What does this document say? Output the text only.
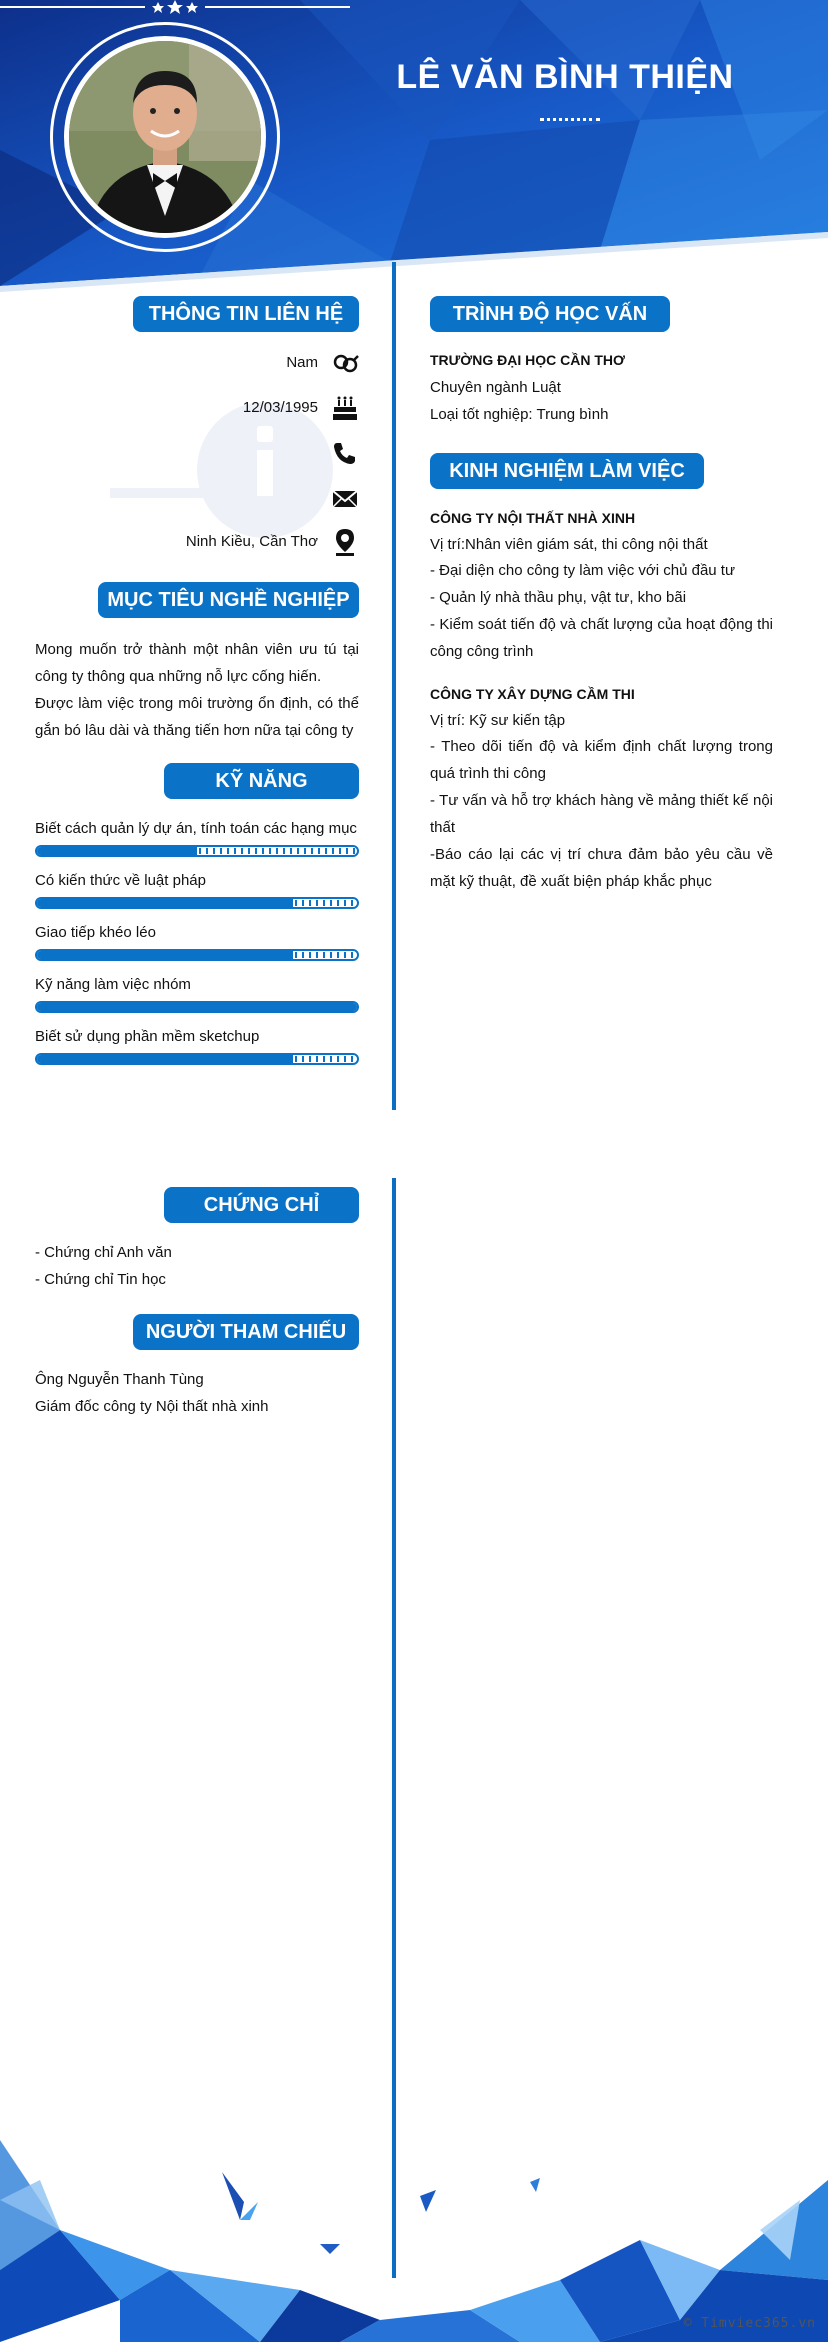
LÊ VĂN BÌNH THIỆN
THÔNG TIN LIÊN HỆ
Nam
12/03/1995
Ninh Kiều, Cần Thơ
MỤC TIÊU NGHỀ NGHIỆP
Mong muốn trở thành một nhân viên ưu tú tại công ty thông qua những nỗ lực cống hiến.
Được làm việc trong môi trường ổn định, có thể gắn bó lâu dài và thăng tiến hơn nữa tại công ty
KỸ NĂNG
Biết cách quản lý dự án, tính toán các hạng mục
Có kiến thức về luật pháp
Giao tiếp khéo léo
Kỹ năng làm việc nhóm
Biết sử dụng phần mềm sketchup
CHỨNG CHỈ
- Chứng chỉ Anh văn
- Chứng chỉ Tin học
NGƯỜI THAM CHIẾU
Ông Nguyễn Thanh Tùng
Giám đốc công ty Nội thất nhà xinh
TRÌNH ĐỘ HỌC VẤN
TRƯỜNG ĐẠI HỌC CẦN THƠ
Chuyên ngành Luật
Loại tốt nghiệp: Trung bình
KINH NGHIỆM LÀM VIỆC
CÔNG TY NỘI THẤT NHÀ XINH
Vị trí:Nhân viên giám sát, thi công nội thất
- Đại diện cho công ty làm việc với chủ đầu tư
- Quản lý nhà thầu phụ, vật tư, kho bãi
- Kiểm soát tiến độ và chất lượng của hoạt động thi công công trình
CÔNG TY XÂY DỰNG CẦM THI
Vị trí: Kỹ sư kiến tập
- Theo dõi tiến độ và kiểm định chất lượng trong quá trình thi công
- Tư vấn và hỗ trợ khách hàng về mảng thiết kế nội thất
-Báo cáo lại các vị trí chưa đảm bảo yêu cầu về mặt kỹ thuật, đề xuất biện pháp khắc phục
© Timviec365.vn
